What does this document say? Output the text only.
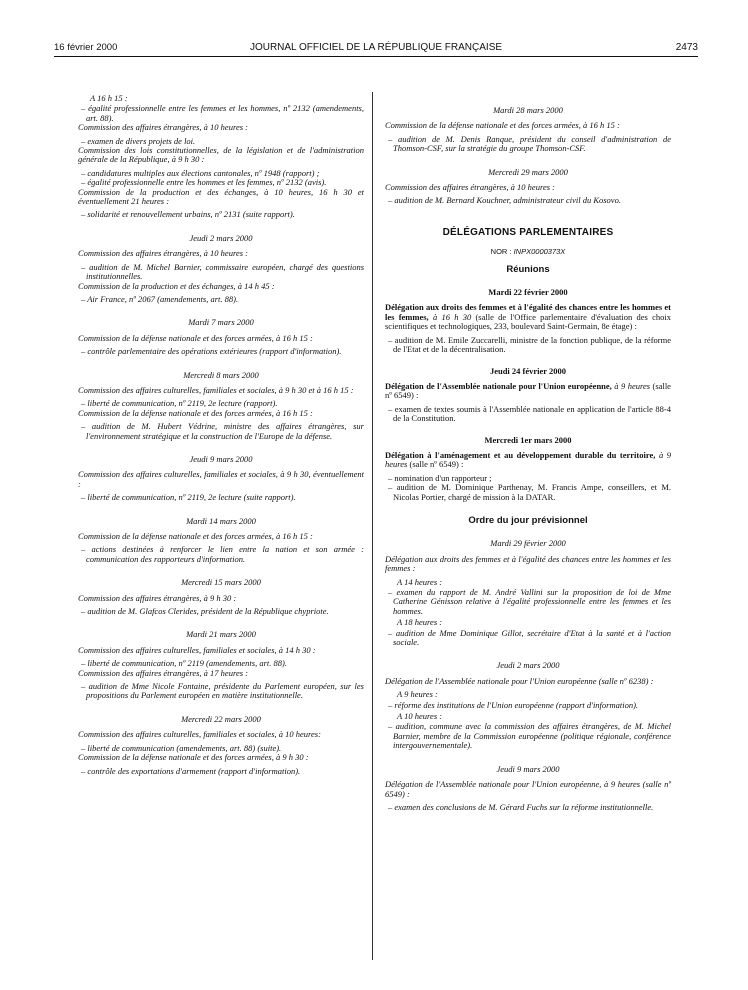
16 février 2000	JOURNAL OFFICIEL DE LA RÉPUBLIQUE FRANÇAISE	2473
A 16 h 15 :
– égalité professionnelle entre les femmes et les hommes, nº 2132 (amendements, art. 88).
Commission des affaires étrangères, à 10 heures :
– examen de divers projets de loi.
Commission des lois constitutionnelles, de la législation et de l'administration générale de la République, à 9 h 30 :
– candidatures multiples aux élections cantonales, nº 1948 (rapport) ;
– égalité professionnelle entre les hommes et les femmes, nº 2132 (avis).
Commission de la production et des échanges, à 10 heures, 16 h 30 et éventuellement 21 heures :
– solidarité et renouvellement urbains, nº 2131 (suite rapport).
Jeudi 2 mars 2000
Commission des affaires étrangères, à 10 heures :
– audition de M. Michel Barnier, commissaire européen, chargé des questions institutionnelles.
Commission de la production et des échanges, à 14 h 45 :
– Air France, nº 2067 (amendements, art. 88).
Mardi 7 mars 2000
Commission de la défense nationale et des forces armées, à 16 h 15 :
– contrôle parlementaire des opérations extérieures (rapport d'information).
Mercredi 8 mars 2000
Commission des affaires culturelles, familiales et sociales, à 9 h 30 et à 16 h 15 :
– liberté de communication, nº 2119, 2e lecture (rapport).
Commission de la défense nationale et des forces armées, à 16 h 15 :
– audition de M. Hubert Védrine, ministre des affaires étrangères, sur l'environnement stratégique et la construction de l'Europe de la défense.
Jeudi 9 mars 2000
Commission des affaires culturelles, familiales et sociales, à 9 h 30, éventuellement :
– liberté de communication, nº 2119, 2e lecture (suite rapport).
Mardi 14 mars 2000
Commission de la défense nationale et des forces armées, à 16 h 15 :
– actions destinées à renforcer le lien entre la nation et son armée : communication des rapporteurs d'information.
Mercredi 15 mars 2000
Commission des affaires étrangères, à 9 h 30 :
– audition de M. Glafcos Clerides, président de la République chypriote.
Mardi 21 mars 2000
Commission des affaires culturelles, familiales et sociales, à 14 h 30 :
– liberté de communication, nº 2119 (amendements, art. 88).
Commission des affaires étrangères, à 17 heures :
– audition de Mme Nicole Fontaine, présidente du Parlement européen, sur les propositions du Parlement européen en matière institutionnelle.
Mercredi 22 mars 2000
Commission des affaires culturelles, familiales et sociales, à 10 heures:
– liberté de communication (amendements, art. 88) (suite).
Commission de la défense nationale et des forces armées, à 9 h 30 :
– contrôle des exportations d'armement (rapport d'information).
Mardi 28 mars 2000
Commission de la défense nationale et des forces armées, à 16 h 15 :
– audition de M. Denis Ranque, président du conseil d'administration de Thomson-CSF, sur la stratégie du groupe Thomson-CSF.
Mercredi 29 mars 2000
Commission des affaires étrangères, à 10 heures :
– audition de M. Bernard Kouchner, administrateur civil du Kosovo.
DÉLÉGATIONS PARLEMENTAIRES
NOR : INPX0000373X
Réunions
Mardi 22 février 2000
Délégation aux droits des femmes et à l'égalité des chances entre les hommes et les femmes, à 16 h 30 (salle de l'Office parlementaire d'évaluation des choix scientifiques et technologiques, 233, boulevard Saint-Germain, 8e étage) :
– audition de M. Emile Zuccarelli, ministre de la fonction publique, de la réforme de l'Etat et de la décentralisation.
Jeudi 24 février 2000
Délégation de l'Assemblée nationale pour l'Union européenne, à 9 heures (salle nº 6549) :
– examen de textes soumis à l'Assemblée nationale en application de l'article 88-4 de la Constitution.
Mercredi 1er mars 2000
Délégation à l'aménagement et au développement durable du territoire, à 9 heures (salle nº 6549) :
– nomination d'un rapporteur ;
– audition de M. Dominique Parthenay, M. Francis Ampe, conseillers, et M. Nicolas Portier, chargé de mission à la DATAR.
Ordre du jour prévisionnel
Mardi 29 février 2000
Délégation aux droits des femmes et à l'égalité des chances entre les hommes et les femmes :
A 14 heures :
– examen du rapport de M. André Vallini sur la proposition de loi de Mme Catherine Génisson relative à l'égalité professionnelle entre les femmes et les hommes.
A 18 heures :
– audition de Mme Dominique Gillot, secrétaire d'Etat à la santé et à l'action sociale.
Jeudi 2 mars 2000
Délégation de l'Assemblée nationale pour l'Union européenne (salle nº 6238) :
A 9 heures :
– réforme des institutions de l'Union européenne (rapport d'information).
A 10 heures :
– audition, commune avec la commission des affaires étrangères, de M. Michel Barnier, membre de la Commission européenne (politique régionale, conférence intergouvernementale).
Jeudi 9 mars 2000
Délégation de l'Assemblée nationale pour l'Union européenne, à 9 heures (salle nº 6549) :
– examen des conclusions de M. Gérard Fuchs sur la réforme institutionnelle.
